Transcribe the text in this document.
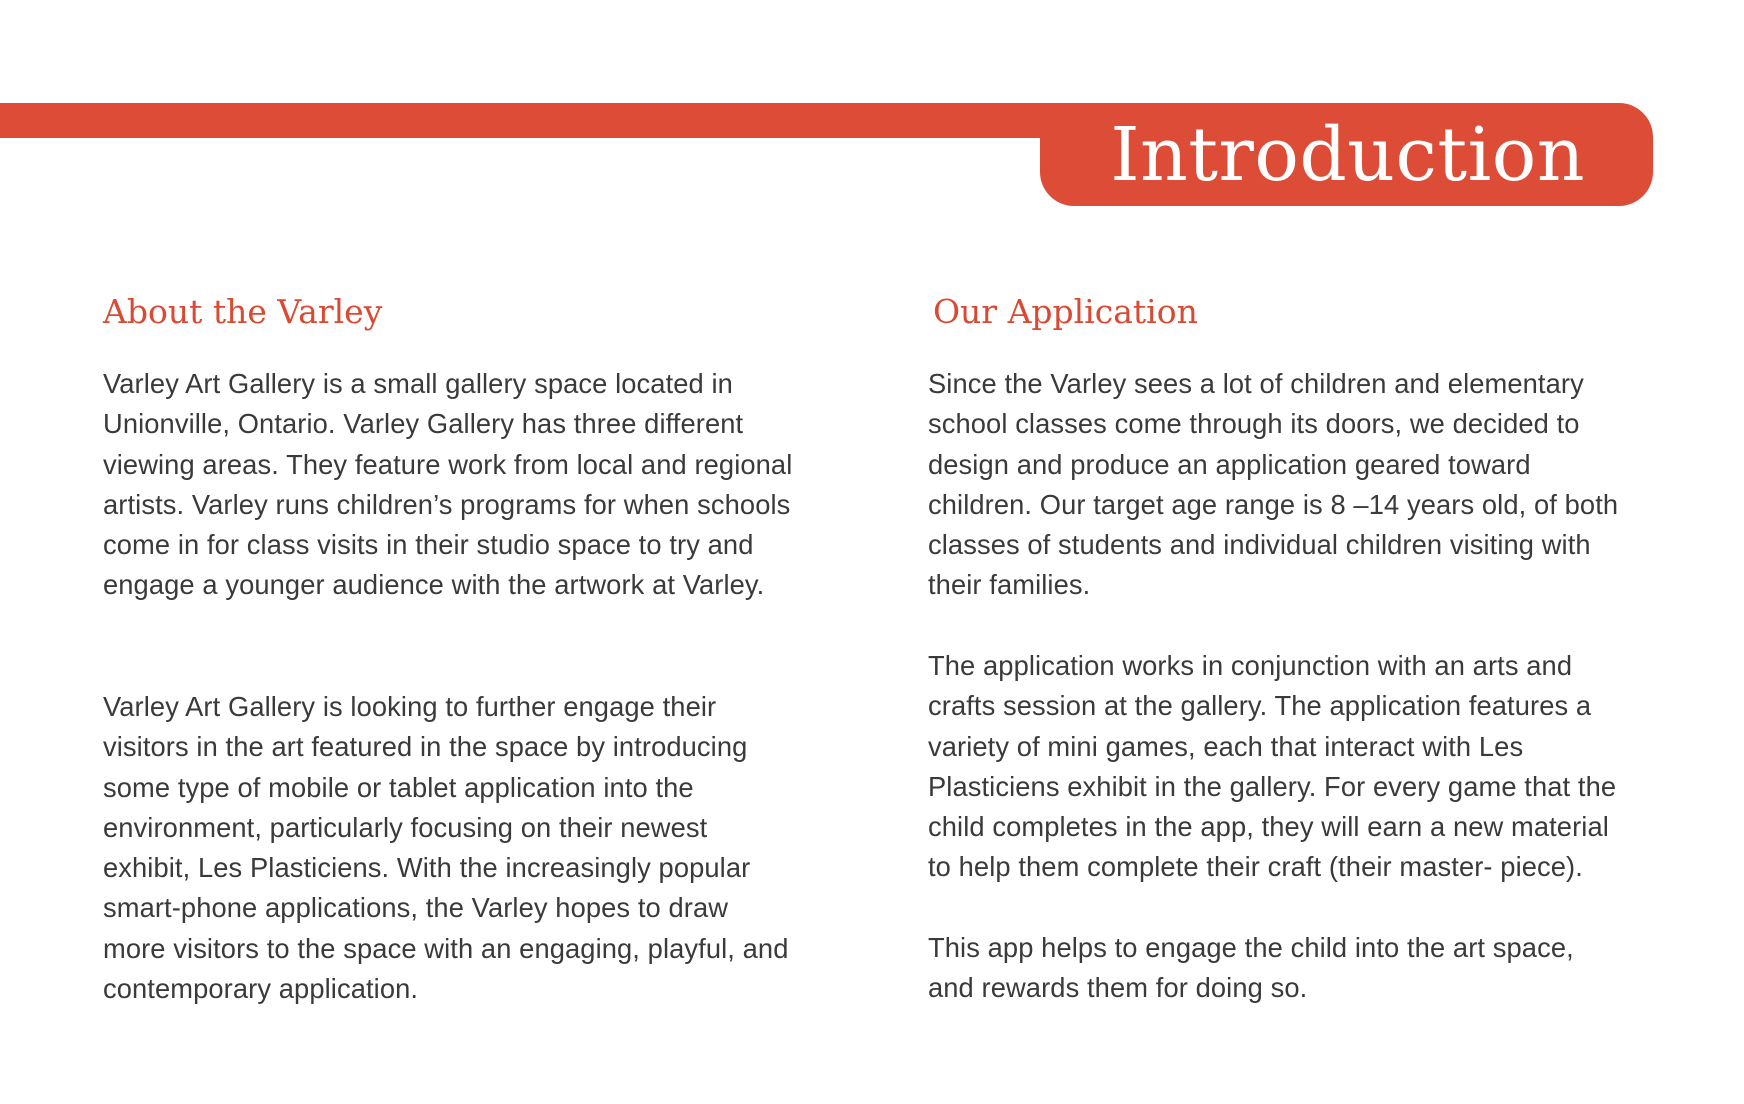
Introduction
About the Varley

Varley Art Gallery is a small gallery space located in
Unionville, Ontario. Varley Gallery has three different
viewing areas. They feature work from local and regional
artists. Varley runs children’s programs for when schools
come in for class visits in their studio space to try and
engage a younger audience with the artwork at Varley.

Varley Art Gallery is looking to further engage their
visitors in the art featured in the space by introducing
some type of mobile or tablet application into the
environment, particularly focusing on their newest
exhibit, Les Plasticiens. With the increasingly popular
smart-phone applications, the Varley hopes to draw
more visitors to the space with an engaging, playful, and
contemporary application.

Our Application

Since the Varley sees a lot of children and elementary
school classes come through its doors, we decided to
design and produce an application geared toward
children. Our target age range is 8 –14 years old, of both
classes of students and individual children visiting with
their families.

The application works in conjunction with an arts and
crafts session at the gallery. The application features a
variety of mini games, each that interact with Les
Plasticiens exhibit in the gallery. For every game that the
child completes in the app, they will earn a new material
to help them complete their craft (their master- piece).

This app helps to engage the child into the art space,
and rewards them for doing so.
